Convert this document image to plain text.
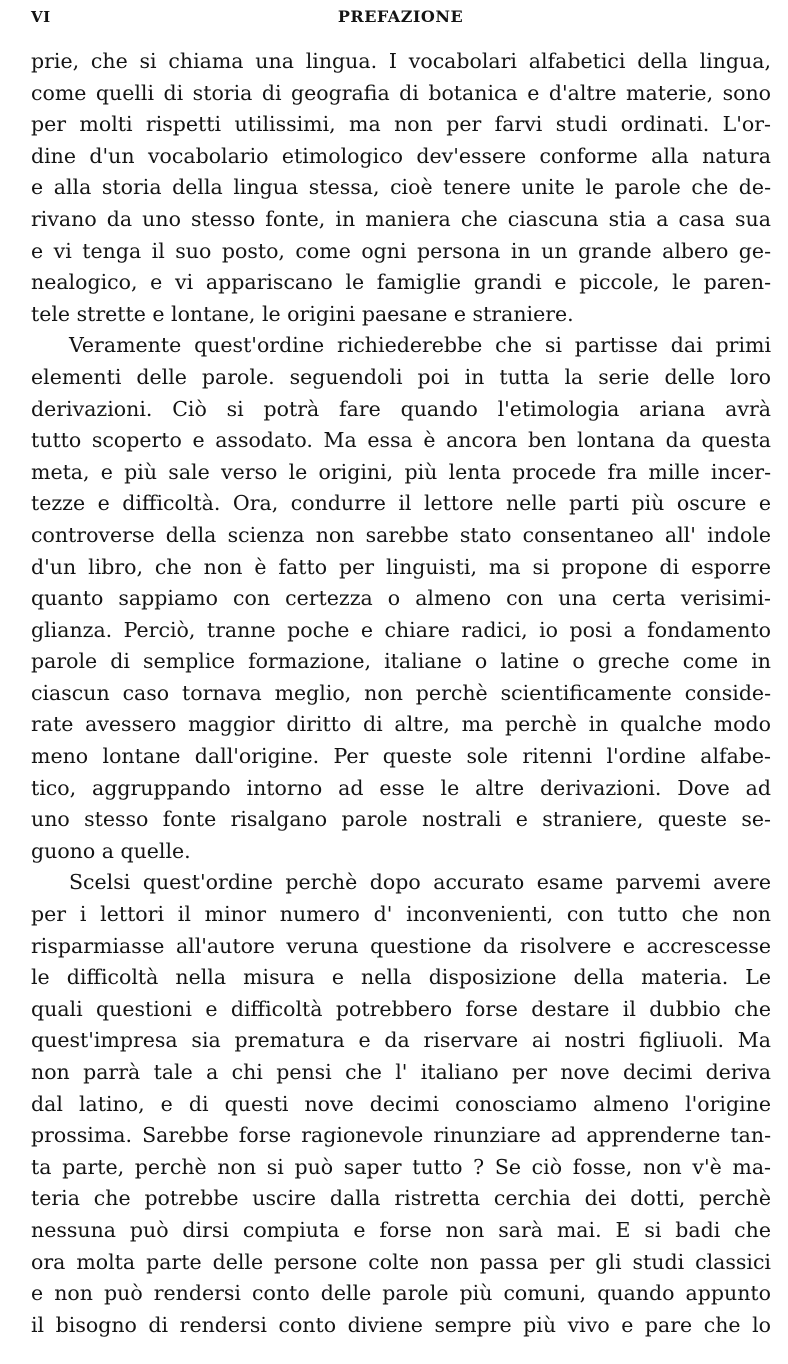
VI	PREFAZIONE
prie, che si chiama una lingua. I vocabolari alfabetici della lingua,
come quelli di storia di geografia di botanica e d'altre materie, sono
per molti rispetti utilissimi, ma non per farvi studi ordinati. L'or-
dine d'un vocabolario etimologico dev'essere conforme alla natura
e alla storia della lingua stessa, cioè tenere unite le parole che de-
rivano da uno stesso fonte, in maniera che ciascuna stia a casa sua
e vi tenga il suo posto, come ogni persona in un grande albero ge-
nealogico, e vi appariscano le famiglie grandi e piccole, le paren-
tele strette e lontane, le origini paesane e straniere.
Veramente quest'ordine richiederebbe che si partisse dai primi
elementi delle parole. seguendoli poi in tutta la serie delle loro
derivazioni. Ciò si potrà fare quando l'etimologia ariana avrà
tutto scoperto e assodato. Ma essa è ancora ben lontana da questa
meta, e più sale verso le origini, più lenta procede fra mille incer-
tezze e difficoltà. Ora, condurre il lettore nelle parti più oscure e
controverse della scienza non sarebbe stato consentaneo all' indole
d'un libro, che non è fatto per linguisti, ma si propone di esporre
quanto sappiamo con certezza o almeno con una certa verisimi-
glianza. Perciò, tranne poche e chiare radici, io posi a fondamento
parole di semplice formazione, italiane o latine o greche come in
ciascun caso tornava meglio, non perchè scientificamente conside-
rate avessero maggior diritto di altre, ma perchè in qualche modo
meno lontane dall'origine. Per queste sole ritenni l'ordine alfabe-
tico, aggruppando intorno ad esse le altre derivazioni. Dove ad
uno stesso fonte risalgano parole nostrali e straniere, queste se-
guono a quelle.
Scelsi quest'ordine perchè dopo accurato esame parvemi avere
per i lettori il minor numero d' inconvenienti, con tutto che non
risparmiasse all'autore veruna questione da risolvere e accrescesse
le difficoltà nella misura e nella disposizione della materia. Le
quali questioni e difficoltà potrebbero forse destare il dubbio che
quest'impresa sia prematura e da riservare ai nostri figliuoli. Ma
non parrà tale a chi pensi che l' italiano per nove decimi deriva
dal latino, e di questi nove decimi conosciamo almeno l'origine
prossima. Sarebbe forse ragionevole rinunziare ad apprenderne tan-
ta parte, perchè non si può saper tutto ? Se ciò fosse, non v'è ma-
teria che potrebbe uscire dalla ristretta cerchia dei dotti, perchè
nessuna può dirsi compiuta e forse non sarà mai. E si badi che
ora molta parte delle persone colte non passa per gli studi classici
e non può rendersi conto delle parole più comuni, quando appunto
il bisogno di rendersi conto diviene sempre più vivo e pare che lo
